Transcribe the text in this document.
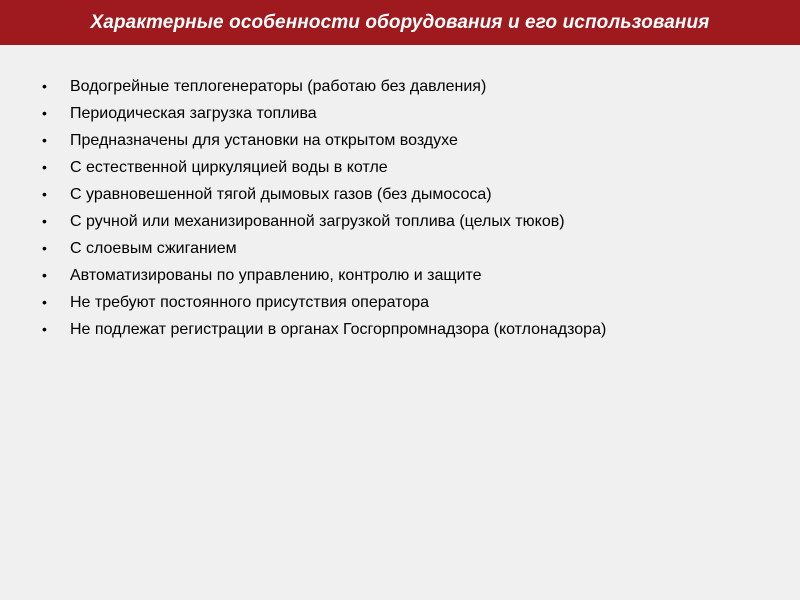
Характерные особенности оборудования и его использования
•	Водогрейные теплогенераторы (работаю без давления)
•	Периодическая загрузка топлива
•	Предназначены для установки на открытом воздухе
•	С естественной циркуляцией воды в котле
•	С уравновешенной тягой дымовых газов (без дымососа)
•	С ручной или механизированной загрузкой топлива (целых тюков)
•	С слоевым сжиганием
•	Автоматизированы по управлению, контролю и защите
•	Не требуют постоянного присутствия оператора
•	Не подлежат регистрации в органах Госгорпромнадзора (котлонадзора)
